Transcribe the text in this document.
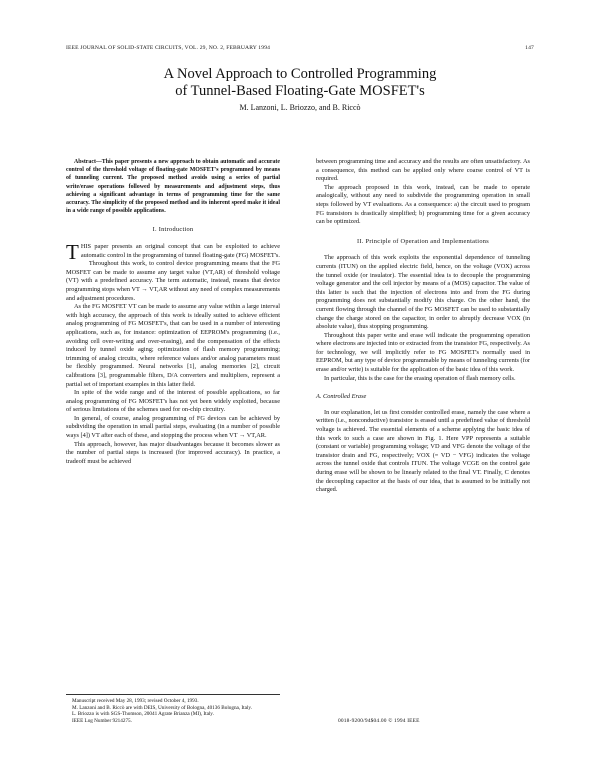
IEEE JOURNAL OF SOLID-STATE CIRCUITS, VOL. 29, NO. 2, FEBRUARY 1994	147
A Novel Approach to Controlled Programming
of Tunnel-Based Floating-Gate MOSFET's
M. Lanzoni, L. Briozzo, and B. Riccò

Abstract—This paper presents a new approach to obtain automatic and accurate control of the threshold voltage of floating-gate MOSFET's programmed by means of tunneling current. The proposed method avoids using a series of partial write/erase operations followed by measurements and adjustment steps, thus achieving a significant advantage in terms of programming time for the same accuracy. The simplicity of the proposed method and its inherent speed make it ideal in a wide range of possible applications.

I. Introduction

THIS paper presents an original concept that can be exploited to achieve automatic control in the programming of tunnel floating-gate (FG) MOSFET's.

Throughout this work, to control device programming means that the FG MOSFET can be made to assume any target value (VT,AR) of threshold voltage (VT) with a predefined accuracy. The term automatic, instead, means that device programming stops when VT → VT,AR without any need of complex measurements and adjustment procedures.

As the FG MOSFET VT can be made to assume any value within a large interval with high accuracy, the approach of this work is ideally suited to achieve efficient analog programming of FG MOSFET's, that can be used in a number of interesting applications, such as, for instance: optimization of EEPROM's programming (i.e., avoiding cell over-writing and over-erasing), and the compensation of the effects induced by tunnel oxide aging; optimization of flash memory programming; trimming of analog circuits, where reference values and/or analog parameters must be flexibly programmed. Neural networks [1], analog memories [2], circuit calibrations [3], programmable filters, D/A converters and multipliers, represent a partial set of important examples in this latter field.

In spite of the wide range and of the interest of possible applications, so far analog programming of FG MOSFET's has not yet been widely exploited, because of serious limitations of the schemes used for on-chip circuitry.

In general, of course, analog programming of FG devices can be achieved by subdividing the operation in small partial steps, evaluating (in a number of possible ways [4]) VT after each of these, and stopping the process when VT → VT,AR.

This approach, however, has major disadvantages because it becomes slower as the number of partial steps is increased (for improved accuracy). In practice, a tradeoff must be achieved

Manuscript received May 28, 1993; revised October 4, 1993.
M. Lanzoni and B. Riccò are with DEIS, University of Bologna, 40136 Bologna, Italy.
L. Briozzo is with SGS-Thomson, 20041 Agrate Brianza (MI), Italy.
IEEE Log Number 9214275.

between programming time and accuracy and the results are often unsatisfactory. As a consequence, this method can be applied only where coarse control of VT is required.

The approach proposed in this work, instead, can be made to operate analogically, without any need to subdivide the programming operation in small steps followed by VT evaluations. As a consequence: a) the circuit used to program FG transistors is drastically simplified; b) programming time for a given accuracy can be optimized.

II. Principle of Operation and Implementations

The approach of this work exploits the exponential dependence of tunneling currents (ITUN) on the applied electric field, hence, on the voltage (VOX) across the tunnel oxide (or insulator). The essential idea is to decouple the programming voltage generator and the cell injector by means of a (MOS) capacitor. The value of this latter is such that the injection of electrons into and from the FG during programming does not substantially modify this charge. On the other hand, the current flowing through the channel of the FG MOSFET can be used to substantially change the charge stored on the capacitor, in order to abruptly decrease VOX (in absolute value), thus stopping programming.

Throughout this paper write and erase will indicate the programming operation where electrons are injected into or extracted from the transistor FG, respectively. As for technology, we will implicitly refer to FG MOSFET's normally used in EEPROM, but any type of device programmable by means of tunneling currents (for erase and/or write) is suitable for the application of the basic idea of this work.

In particular, this is the case for the erasing operation of flash memory cells.

A. Controlled Erase

In our explanation, let us first consider controlled erase, namely the case where a written (i.e., nonconductive) transistor is erased until a predefined value of threshold voltage is achieved. The essential elements of a scheme applying the basic idea of this work to such a case are shown in Fig. 1. Here VPP represents a suitable (constant or variable) programming voltage; VD and VFG denote the voltage of the transistor drain and FG, respectively; VOX (= VD − VFG) indicates the voltage across the tunnel oxide that controls ITUN. The voltage VCGE on the control gate during erase will be shown to be linearly related to the final VT. Finally, C denotes the decoupling capacitor at the basis of our idea, that is assumed to be initially not charged.

0018-9200/94$04.00 © 1994 IEEE
